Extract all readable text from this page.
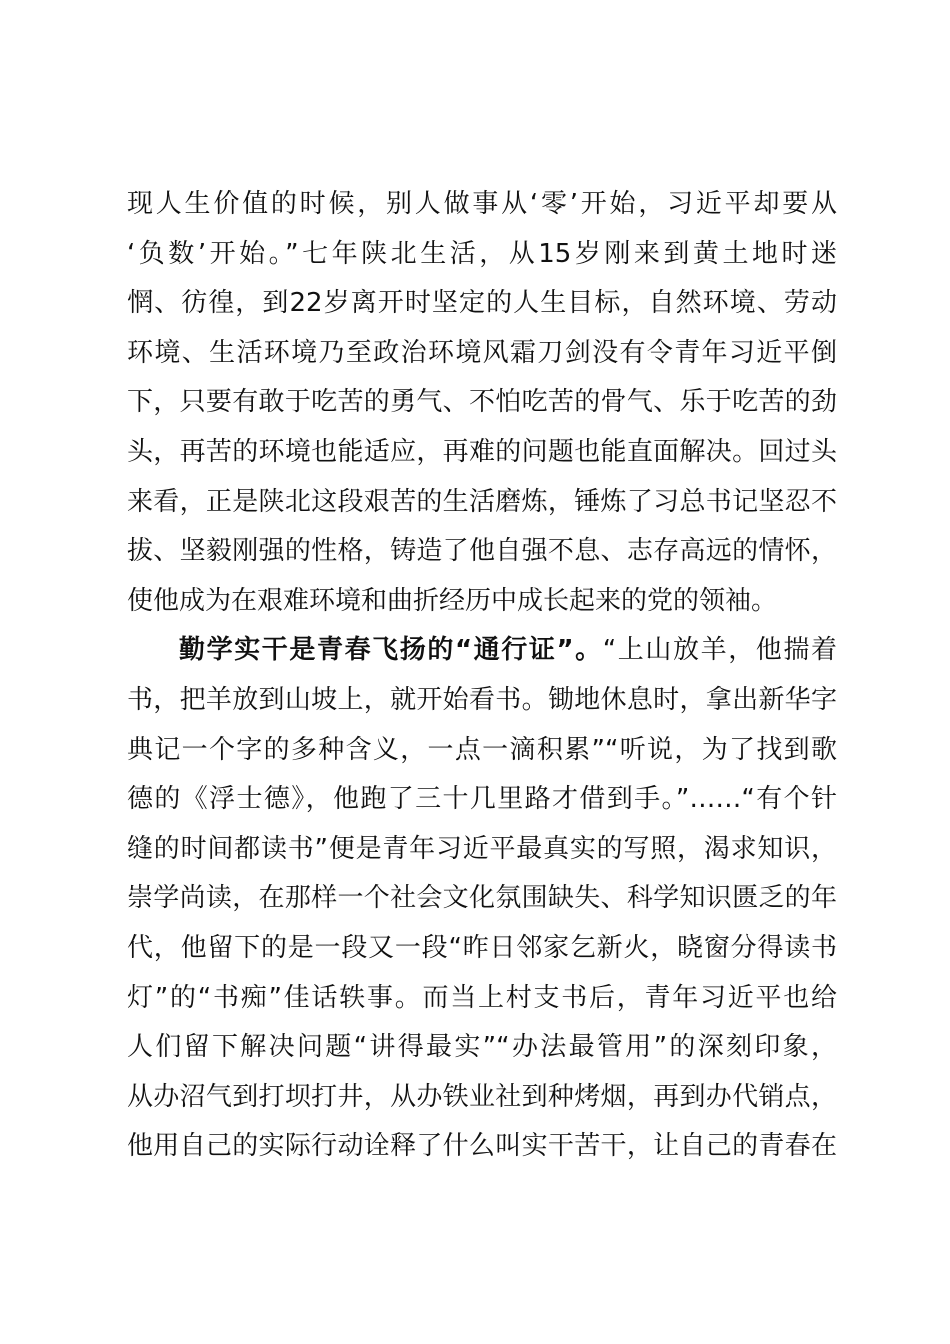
现人生价值的时候，别人做事从‘零’开始，习近平却要从
‘负数’开始。”七年陕北生活，从15岁刚来到黄土地时迷
惘、彷徨，到22岁离开时坚定的人生目标，自然环境、劳动
环境、生活环境乃至政治环境风霜刀剑没有令青年习近平倒
下，只要有敢于吃苦的勇气、不怕吃苦的骨气、乐于吃苦的劲
头，再苦的环境也能适应，再难的问题也能直面解决。回过头
来看，正是陕北这段艰苦的生活磨炼，锤炼了习总书记坚忍不
拔、坚毅刚强的性格，铸造了他自强不息、志存高远的情怀，
使他成为在艰难环境和曲折经历中成长起来的党的领袖。
勤学实干是青春飞扬的“通行证”。“上山放羊，他揣着
书，把羊放到山坡上，就开始看书。锄地休息时，拿出新华字
典记一个字的多种含义，一点一滴积累”“听说，为了找到歌
德的《浮士德》，他跑了三十几里路才借到手。”……“有个针
缝的时间都读书”便是青年习近平最真实的写照，渴求知识，
崇学尚读，在那样一个社会文化氛围缺失、科学知识匮乏的年
代，他留下的是一段又一段“昨日邻家乞新火，晓窗分得读书
灯”的“书痴”佳话轶事。而当上村支书后，青年习近平也给
人们留下解决问题“讲得最实”“办法最管用”的深刻印象，
从办沼气到打坝打井，从办铁业社到种烤烟，再到办代销点，
他用自己的实际行动诠释了什么叫实干苦干，让自己的青春在
